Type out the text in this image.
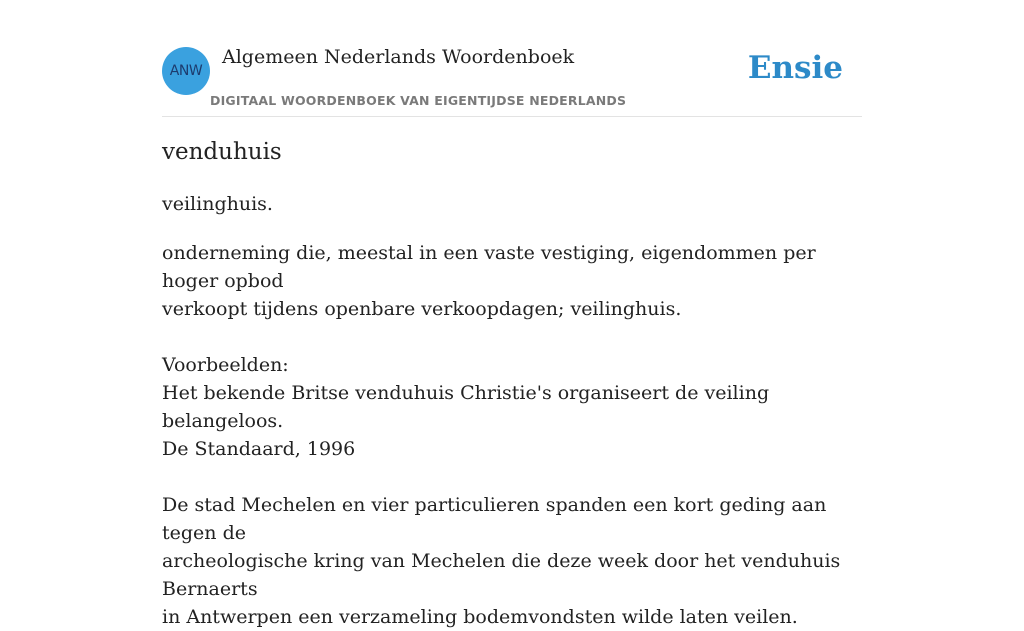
ANW
Algemeen Nederlands Woordenboek
DIGITAAL WOORDENBOEK VAN EIGENTIJDSE NEDERLANDS
Ensie
venduhuis
veilinghuis.

onderneming die, meestal in een vaste vestiging, eigendommen per hoger opbod

verkoopt tijdens openbare verkoopdagen; veilinghuis.

Voorbeelden:

Het bekende Britse venduhuis Christie's organiseert de veiling belangeloos.

De Standaard, 1996

De stad Mechelen en vier particulieren spanden een kort geding aan tegen de

archeologische kring van Mechelen die deze week door het venduhuis Bernaerts

in Antwerpen een verzameling bodemvondsten wilde laten veilen.
